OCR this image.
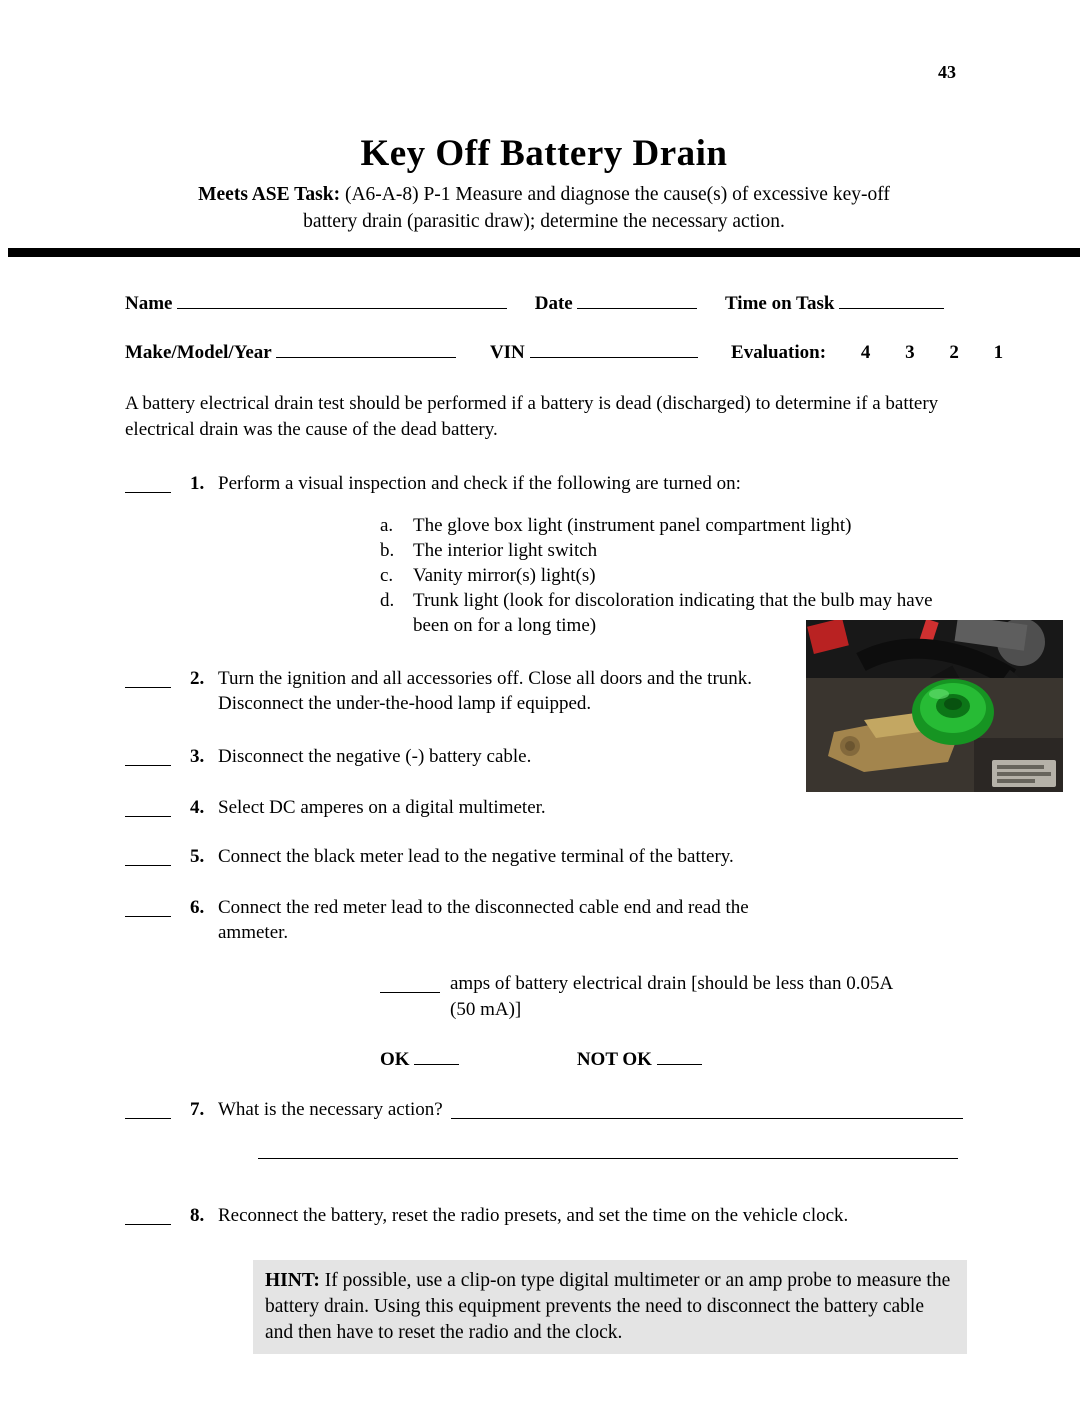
43
Key Off Battery Drain
Meets ASE Task: (A6-A-8) P-1 Measure and diagnose the cause(s) of excessive key-off
battery drain (parasitic draw); determine the necessary action.
Name	Date	Time on Task
Make/Model/Year	VIN	Evaluation: 4 3 2 1
A battery electrical drain test should be performed if a battery is dead (discharged) to determine if a battery electrical drain was the cause of the dead battery.
1. Perform a visual inspection and check if the following are turned on:
a.	The glove box light (instrument panel compartment light)
b. The interior light switch
c.	Vanity mirror(s) light(s)
d. Trunk light (look for discoloration indicating that the bulb may have been on for a long time)
2. Turn the ignition and all accessories off. Close all doors and the trunk. Disconnect the under-the-hood lamp if equipped.
3. Disconnect the negative (-) battery cable.
4. Select DC amperes on a digital multimeter.
5. Connect the black meter lead to the negative terminal of the battery.
6. Connect the red meter lead to the disconnected cable end and read the ammeter.
amps of battery electrical drain [should be less than 0.05A (50 mA)]
OK	NOT OK
7. What is the necessary action?
8. Reconnect the battery, reset the radio presets, and set the time on the vehicle clock.
HINT: If possible, use a clip-on type digital multimeter or an amp probe to measure the battery drain. Using this equipment prevents the need to disconnect the battery cable and then have to reset the radio and the clock.
